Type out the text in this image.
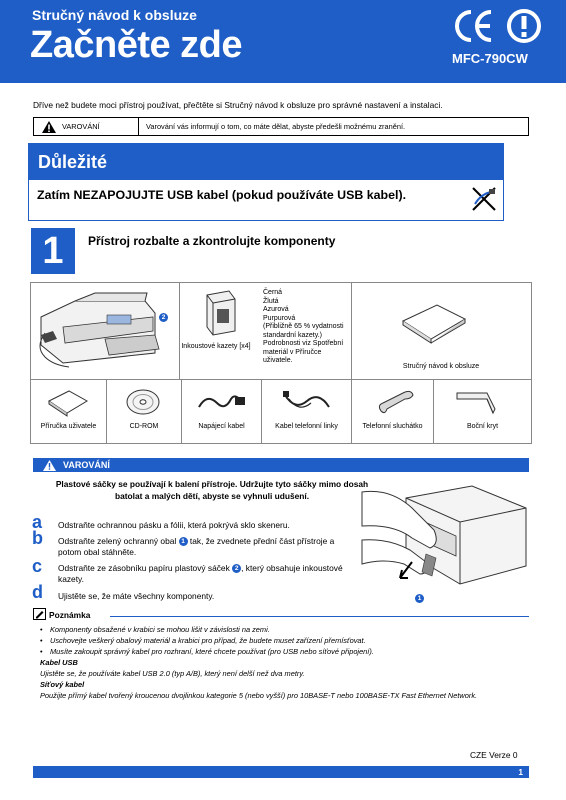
Stručný návod k obsluze
Začněte zde	MFC-790CW
Dříve než budete moci přístroj používat, přečtěte si Stručný návod k obsluze pro správné nastavení a instalaci.
VAROVÁNÍ	Varování vás informují o tom, co máte dělat, abyste předešli možnému zranění.
Důležité
Zatím NEZAPOJUJTE USB kabel (pokud používáte USB kabel).
1	Přístroj rozbalte a zkontrolujte komponenty
2
Inkoustové kazety [x4]
Černá
Žlutá
Azurová
Purpurová
(Přibližně 65 % vydatnosti standardní kazety.) Podrobnosti viz Spotřební materiál v Příručce uživatele.
Stručný návod k obsluze
Příručka uživatele	CD-ROM	Napájecí kabel	Kabel telefonní linky	Telefonní sluchátko	Boční kryt
VAROVÁNÍ
Plastové sáčky se používají k balení přístroje. Udržujte tyto sáčky mimo dosah batolat a malých dětí, abyste se vyhnuli udušení.
a Odstraňte ochrannou pásku a fólii, která pokrývá sklo skeneru.
b Odstraňte zelený ochranný obal 1 tak, že zvednete přední část přístroje a potom obal stáhněte.
c Odstraňte ze zásobníku papíru plastový sáček 2 , který obsahuje inkoustové kazety.
d Ujistěte se, že máte všechny komponenty.	1
Poznámka
• Komponenty obsažené v krabici se mohou lišit v závislosti na zemi.
• Uschovejte veškerý obalový materiál a krabici pro případ, že budete muset zařízení přemísťovat.
• Musíte zakoupit správný kabel pro rozhraní, které chcete používat (pro USB nebo síťové připojení).
Kabel USB
Ujistěte se, že používáte kabel USB 2.0 (typ A/B), který není delší než dva metry.
Síťový kabel
Použijte přímý kabel tvořený kroucenou dvojlinkou kategorie 5 (nebo vyšší) pro 10BASE-T nebo 100BASE-TX Fast Ethernet Network.
CZE Verze 0
1
